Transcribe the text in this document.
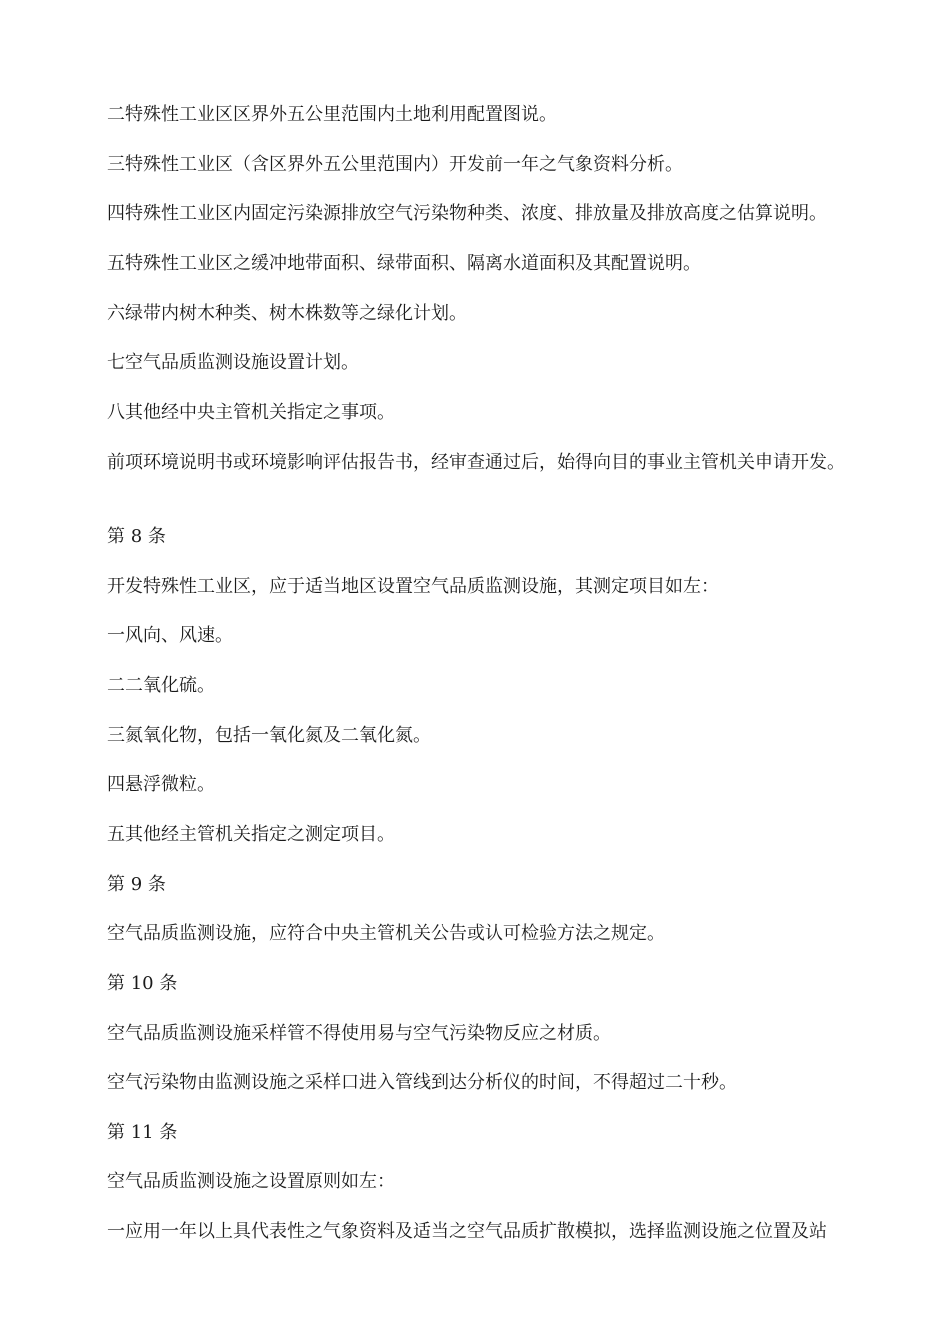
二特殊性工业区区界外五公里范围内土地利用配置图说。
三特殊性工业区（含区界外五公里范围内）开发前一年之气象资料分析。
四特殊性工业区内固定污染源排放空气污染物种类、浓度、排放量及排放高度之估算说明。
五特殊性工业区之缓冲地带面积、绿带面积、隔离水道面积及其配置说明。
六绿带内树木种类、树木株数等之绿化计划。
七空气品质监测设施设置计划。
八其他经中央主管机关指定之事项。
前项环境说明书或环境影响评估报告书，经审查通过后，始得向目的事业主管机关申请开发。
第 8 条
开发特殊性工业区，应于适当地区设置空气品质监测设施，其测定项目如左：
一风向、风速。
二二氧化硫。
三氮氧化物，包括一氧化氮及二氧化氮。
四悬浮微粒。
五其他经主管机关指定之测定项目。
第 9 条
空气品质监测设施，应符合中央主管机关公告或认可检验方法之规定。
第 10 条
空气品质监测设施采样管不得使用易与空气污染物反应之材质。
空气污染物由监测设施之采样口进入管线到达分析仪的时间，不得超过二十秒。
第 11 条
空气品质监测设施之设置原则如左：
一应用一年以上具代表性之气象资料及适当之空气品质扩散模拟，选择监测设施之位置及站
